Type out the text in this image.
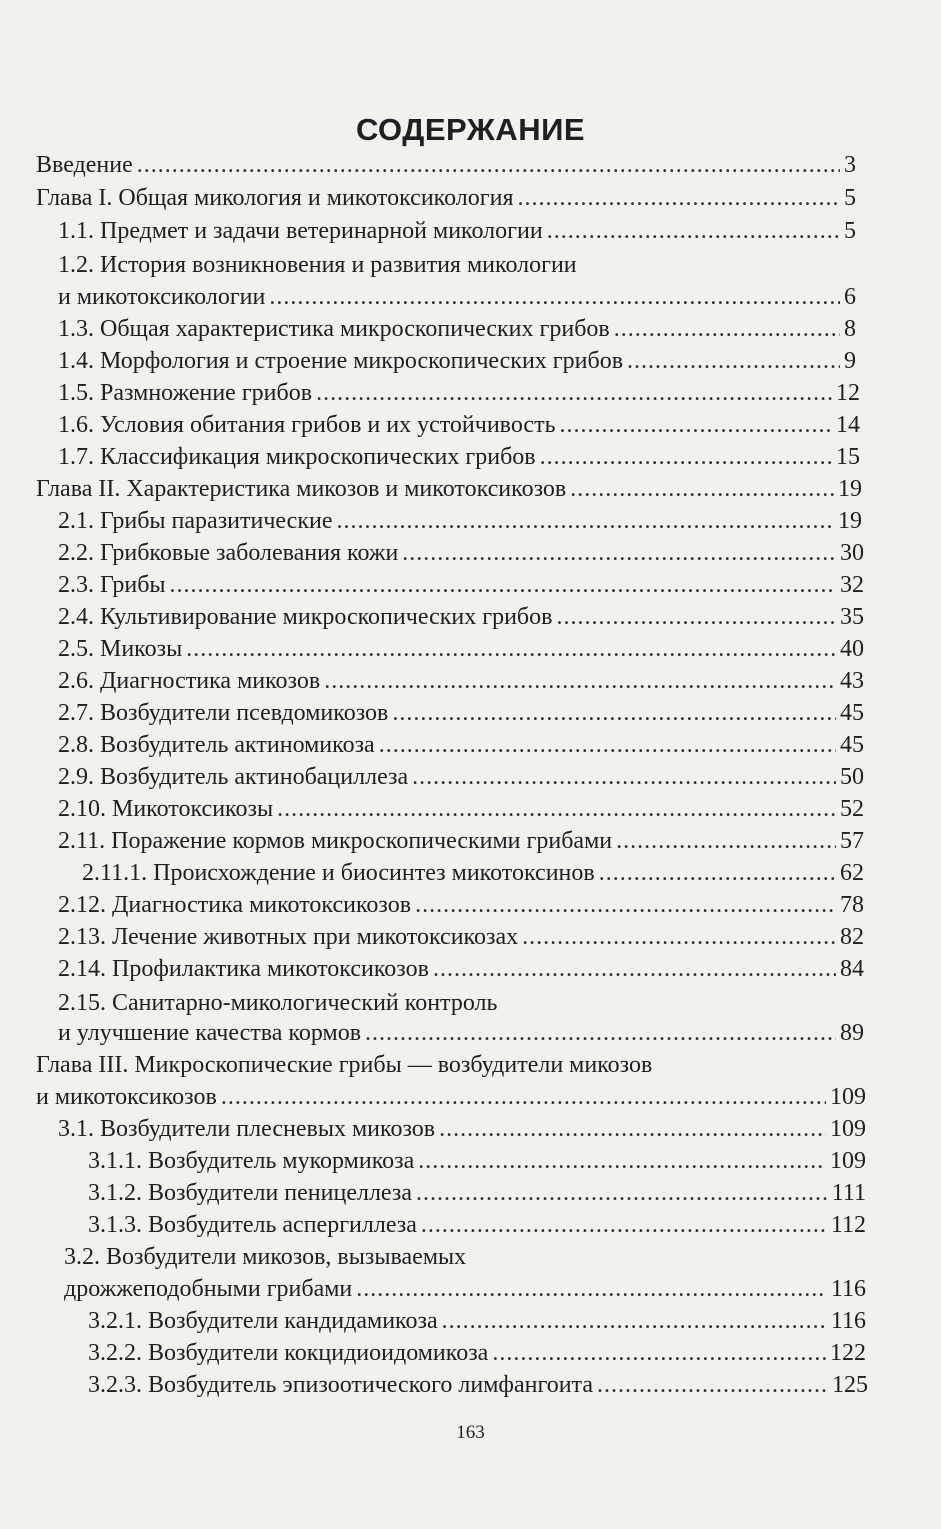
СОДЕРЖАНИЕ
Введение .....	3
Глава I. Общая микология и микотоксикология .....	5
1.1. Предмет и задачи ветеринарной микологии .....	5
1.2. История возникновения и развития микологии
и микотоксикологии .....	6
1.3. Общая характеристика микроскопических грибов .....	8
1.4. Морфология и строение микроскопических грибов .....	9
1.5. Размножение грибов .....	12
1.6. Условия обитания грибов и их устойчивость .....	14
1.7. Классификация микроскопических грибов .....	15
Глава II. Характеристика микозов и микотоксикозов .....	19
2.1. Грибы паразитические .....	19
2.2. Грибковые заболевания кожи .....	30
2.3. Грибы .....	32
2.4. Культивирование микроскопических грибов .....	35
2.5. Микозы .....	40
2.6. Диагностика микозов .....	43
2.7. Возбудители псевдомикозов .....	45
2.8. Возбудитель актиномикоза .....	45
2.9. Возбудитель актинобациллеза .....	50
2.10. Микотоксикозы .....	52
2.11. Поражение кормов микроскопическими грибами .....	57
2.11.1. Происхождение и биосинтез микотоксинов .....	62
2.12. Диагностика микотоксикозов .....	78
2.13. Лечение животных при микотоксикозах .....	82
2.14. Профилактика микотоксикозов .....	84
2.15. Санитарно-микологический контроль
и улучшение качества кормов .....	89
Глава III. Микроскопические грибы — возбудители микозов
и микотоксикозов .....	109
3.1. Возбудители плесневых микозов .....	109
3.1.1. Возбудитель мукормикоза .....	109
3.1.2. Возбудители пеницеллеза .....	111
3.1.3. Возбудитель аспергиллеза .....	112
3.2. Возбудители микозов, вызываемых
дрожжеподобными грибами .....	116
3.2.1. Возбудители кандидамикоза .....	116
3.2.2. Возбудители кокцидиоидомикоза .....	122
3.2.3. Возбудитель эпизоотического лимфангоита .....	125
163
